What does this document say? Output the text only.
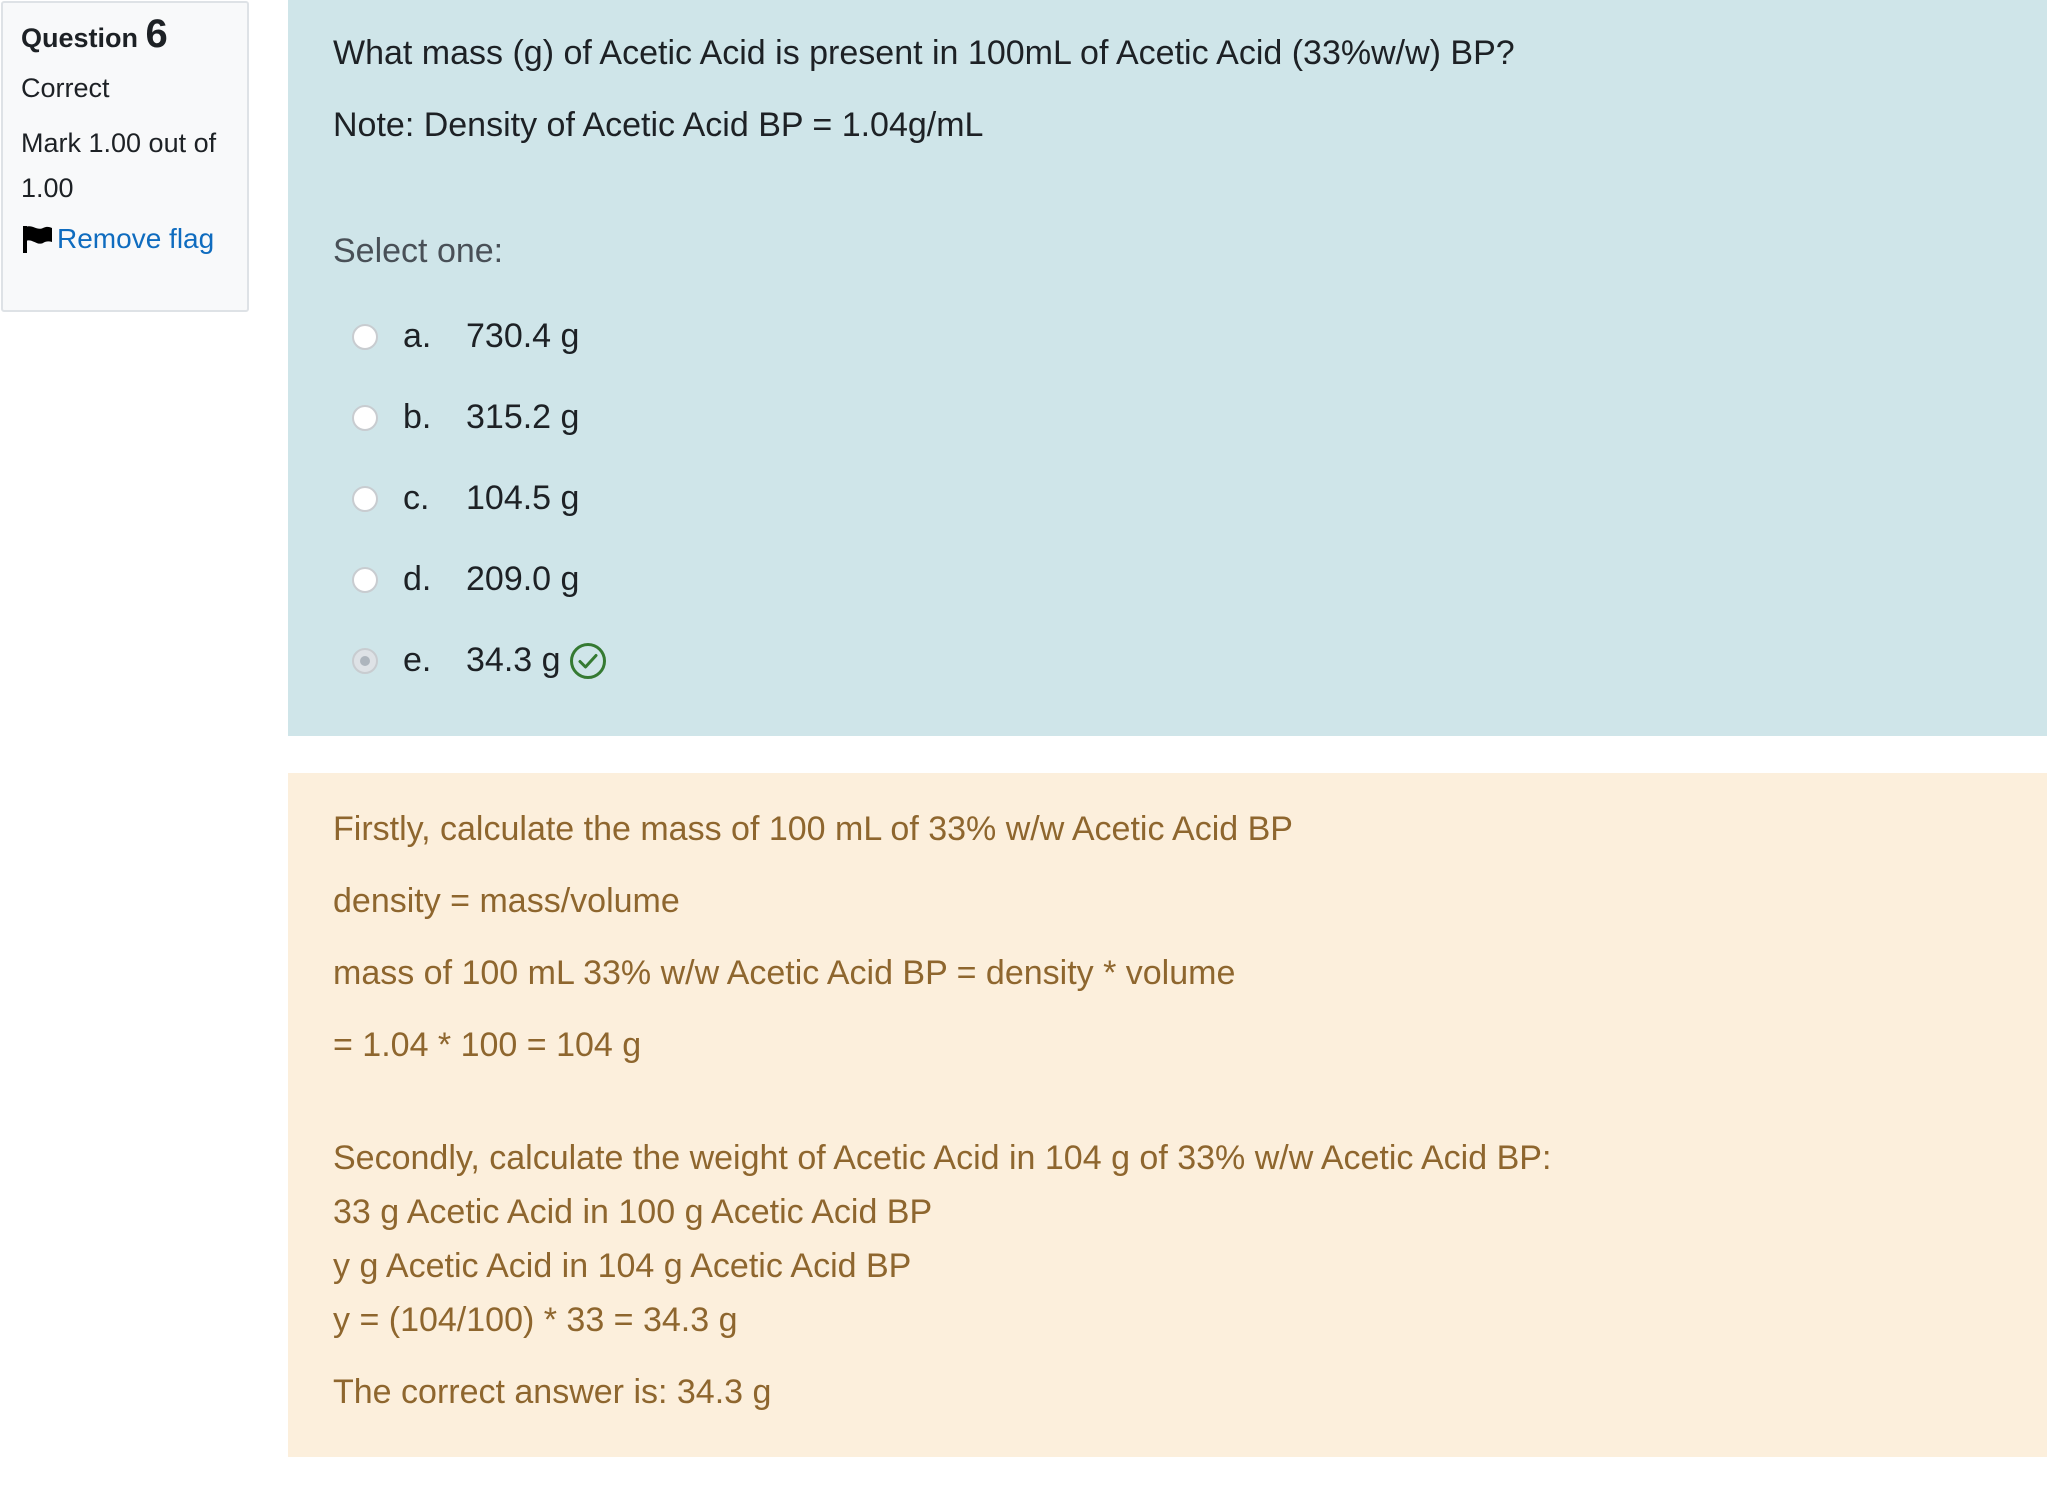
Question 6
Correct
Mark 1.00 out of 1.00
Remove flag

What mass (g) of Acetic Acid is present in 100mL of Acetic Acid (33%w/w) BP?

Note: Density of Acetic Acid BP = 1.04g/mL

Select one:
a.	730.4 g
b.	315.2 g
c.	104.5 g
d.	209.0 g
e.	34.3 g

Firstly, calculate the mass of 100 mL of 33% w/w Acetic Acid BP

density = mass/volume

mass of 100 mL 33% w/w Acetic Acid BP = density * volume

= 1.04 * 100 = 104 g

Secondly, calculate the weight of Acetic Acid in 104 g of 33% w/w Acetic Acid BP:

33 g Acetic Acid in 100 g Acetic Acid BP

y g Acetic Acid in 104 g Acetic Acid BP

y = (104/100) * 33 = 34.3 g

The correct answer is: 34.3 g
